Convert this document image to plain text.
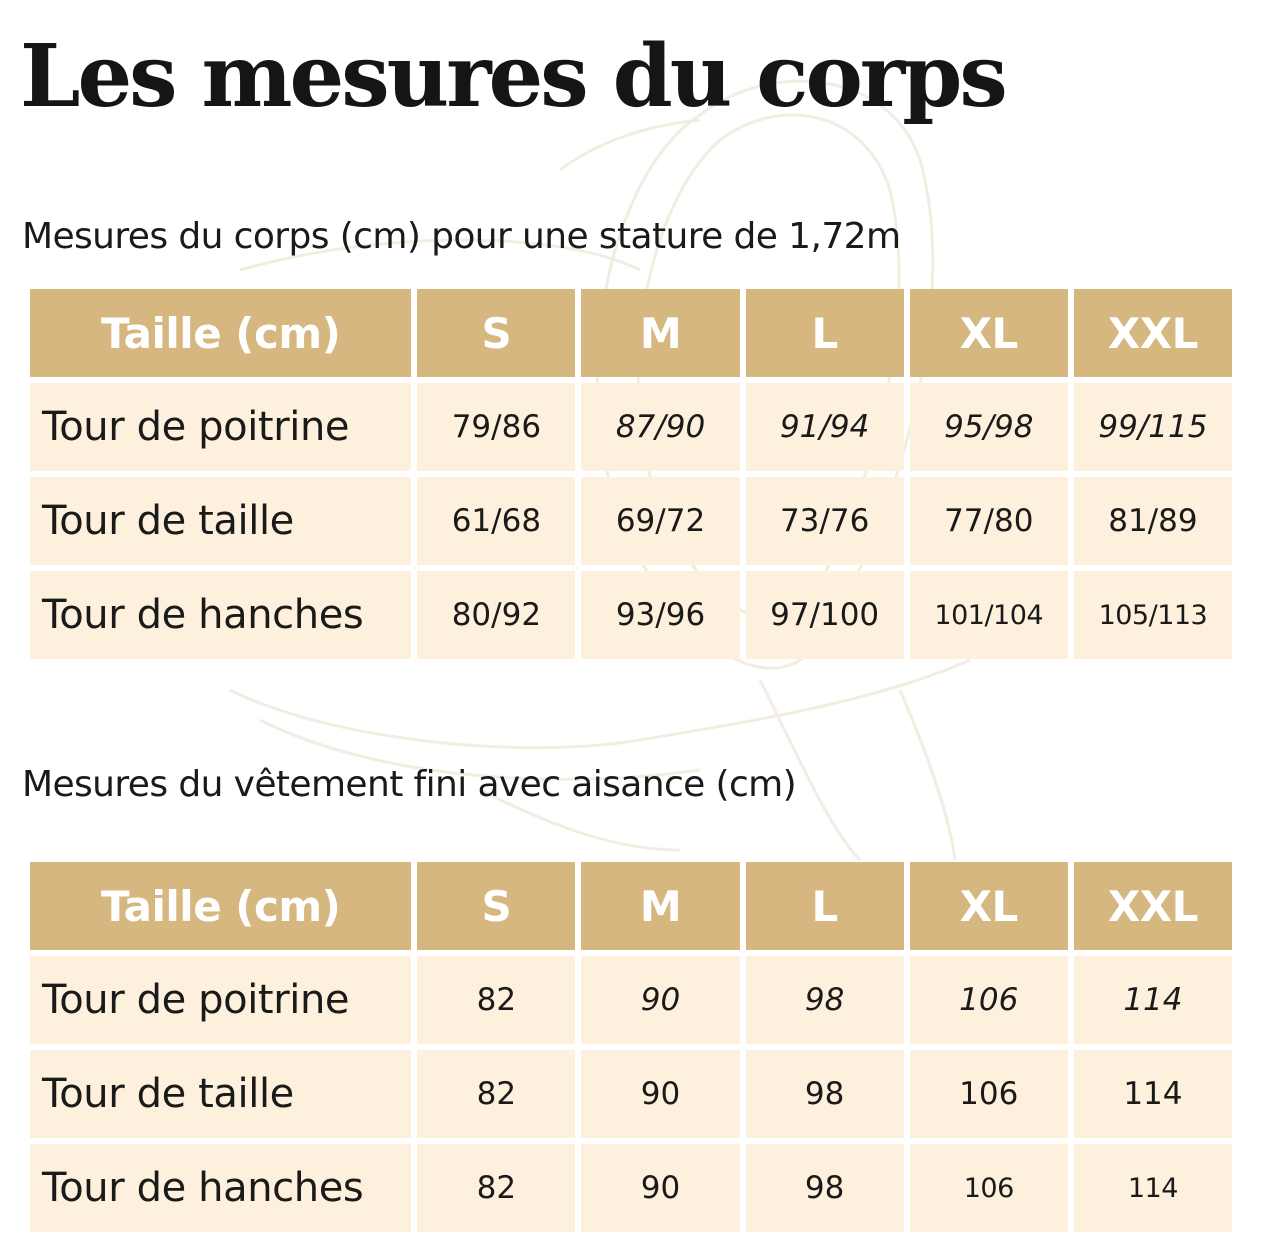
Les mesures du corps
Mesures du corps (cm) pour une stature de 1,72m
Taille (cm)	S	M	L	XL	XXL
Tour de poitrine	79/86	87/90	91/94	95/98	99/115
Tour de taille	61/68	69/72	73/76	77/80	81/89
Tour de hanches	80/92	93/96	97/100	101/104	105/113
Mesures du vêtement fini avec aisance (cm)
Taille (cm)	S	M	L	XL	XXL
Tour de poitrine	82	90	98	106	114
Tour de taille	82	90	98	106	114
Tour de hanches	82	90	98	106	114
